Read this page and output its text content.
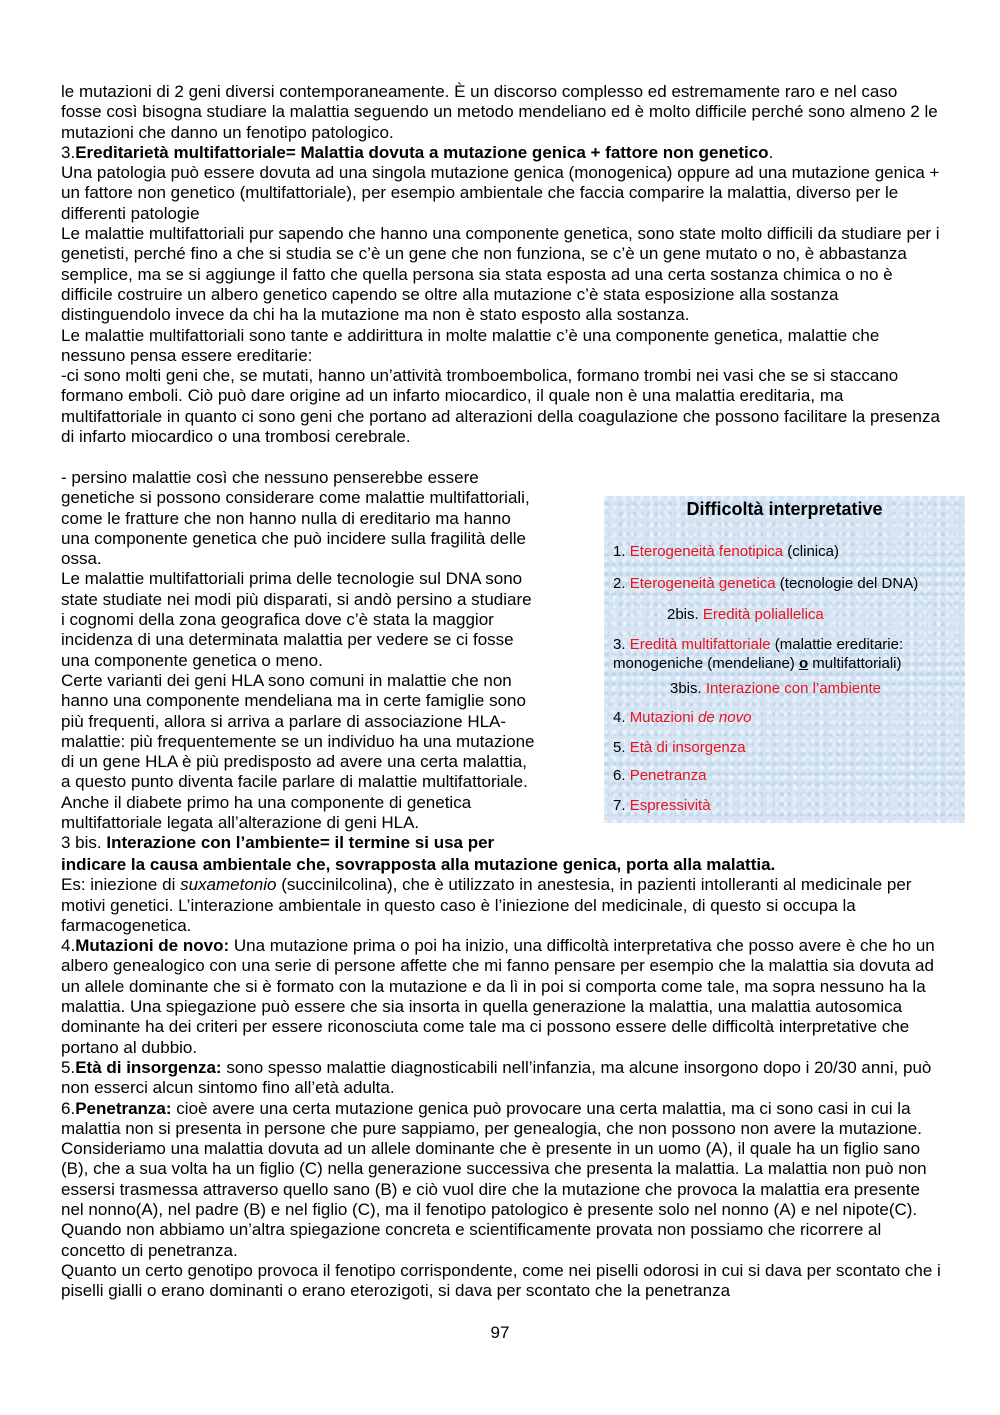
le mutazioni di 2 geni diversi contemporaneamente. È un discorso complesso ed estremamente raro e nel caso fosse così bisogna studiare la malattia seguendo un metodo mendeliano ed è molto difficile perché sono almeno 2 le mutazioni che danno un fenotipo patologico.

3.Ereditarietà multifattoriale= Malattia dovuta a mutazione genica + fattore non genetico.

Una patologia può essere dovuta ad una singola mutazione genica (monogenica) oppure ad una mutazione genica + un fattore non genetico (multifattoriale), per esempio ambientale che faccia comparire la malattia, diverso per le differenti patologie

Le malattie multifattoriali pur sapendo che hanno una componente genetica, sono state molto difficili da studiare per i genetisti, perché fino a che si studia se c’è un gene che non funziona, se c’è un gene mutato o no, è abbastanza semplice, ma se si aggiunge il fatto che quella persona sia stata esposta ad una certa sostanza chimica o no è difficile costruire un albero genetico capendo se oltre alla mutazione c’è stata esposizione alla sostanza distinguendolo invece da chi ha la mutazione ma non è stato esposto alla sostanza.

Le malattie multifattoriali sono tante e addirittura in molte malattie c’è una componente genetica, malattie che nessuno pensa essere ereditarie:

-ci sono molti geni che, se mutati, hanno un’attività tromboembolica, formano trombi nei vasi che se si staccano formano emboli. Ciò può dare origine ad un infarto miocardico, il quale non è una malattia ereditaria, ma multifattoriale in quanto ci sono geni che portano ad alterazioni della coagulazione che possono facilitare la presenza di infarto miocardico o una trombosi cerebrale.

- persino malattie così che nessuno penserebbe essere
genetiche si possono considerare come malattie multifattoriali,
come le fratture che non hanno nulla di ereditario ma hanno
una componente genetica che può incidere sulla fragilità delle
ossa.
Le malattie multifattoriali prima delle tecnologie sul DNA sono
state studiate nei modi più disparati, si andò persino a studiare
i cognomi della zona geografica dove c’è stata la maggior
incidenza di una determinata malattia per vedere se ci fosse
una componente genetica o meno.
Certe varianti dei geni HLA sono comuni in malattie che non
hanno una componente mendeliana ma in certe famiglie sono
più frequenti, allora si arriva a parlare di associazione HLA-
malattie: più frequentemente se un individuo ha una mutazione
di un gene HLA è più predisposto ad avere una certa malattia,
a questo punto diventa facile parlare di malattie multifattoriale.
Anche il diabete primo ha una componente di genetica
multifattoriale legata all’alterazione di geni HLA.
3 bis. Interazione con l’ambiente= il termine si usa per
Difficoltà interpretative
1. Eterogeneità fenotipica (clinica)
2. Eterogeneità genetica (tecnologie del DNA)
2bis. Eredità poliallelica
3. Eredità multifattoriale (malattie ereditarie:
monogeniche (mendeliane) o multifattoriali)
3bis. Interazione con l’ambiente
4. Mutazioni de novo
5. Età di insorgenza
6. Penetranza
7. Espressività

indicare la causa ambientale che, sovrapposta alla mutazione genica, porta alla malattia.

Es: iniezione di suxametonio (succinilcolina), che è utilizzato in anestesia, in pazienti intolleranti al medicinale per motivi genetici. L’interazione ambientale in questo caso è l’iniezione del medicinale, di questo si occupa la farmacogenetica.

4.Mutazioni de novo: Una mutazione prima o poi ha inizio, una difficoltà interpretativa che posso avere è che ho un albero genealogico con una serie di persone affette che mi fanno pensare per esempio che la malattia sia dovuta ad un allele dominante che si è formato con la mutazione e da lì in poi si comporta come tale, ma sopra nessuno ha la malattia. Una spiegazione può essere che sia insorta in quella generazione la malattia, una malattia autosomica dominante ha dei criteri per essere riconosciuta come tale ma ci possono essere delle difficoltà interpretative che portano al dubbio.

5.Età di insorgenza: sono spesso malattie diagnosticabili nell’infanzia, ma alcune insorgono dopo i 20/30 anni, può non esserci alcun sintomo fino all’età adulta.

6.Penetranza: cioè avere una certa mutazione genica può provocare una certa malattia, ma ci sono casi in cui la malattia non si presenta in persone che pure sappiamo, per genealogia, che non possono non avere la mutazione. Consideriamo una malattia dovuta ad un allele dominante che è presente in un uomo (A), il quale ha un figlio sano (B), che a sua volta ha un figlio (C) nella generazione successiva che presenta la malattia. La malattia non può non essersi trasmessa attraverso quello sano (B) e ciò vuol dire che la mutazione che provoca la malattia era presente nel nonno(A), nel padre (B) e nel figlio (C), ma il fenotipo patologico è presente solo nel nonno (A) e nel nipote(C). Quando non abbiamo un’altra spiegazione concreta e scientificamente provata non possiamo che ricorrere al concetto di penetranza.

Quanto un certo genotipo provoca il fenotipo corrispondente, come nei piselli odorosi in cui si dava per scontato che i piselli gialli o erano dominanti o erano eterozigoti, si dava per scontato che la penetranza

97
